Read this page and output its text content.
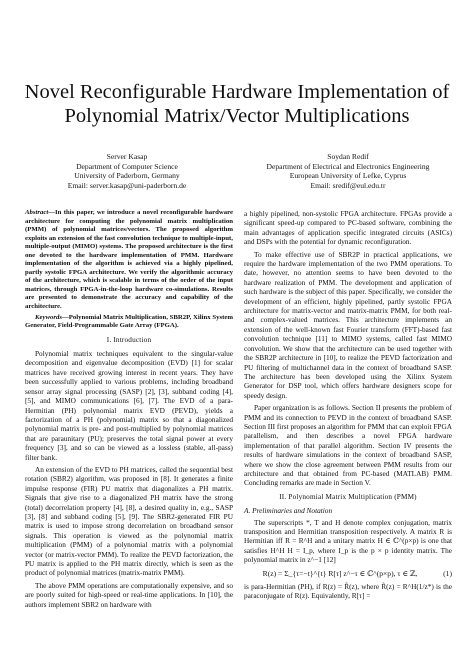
Novel Reconfigurable Hardware Implementation of Polynomial Matrix/Vector Multiplications
Server Kasap
Department of Computer Science
University of Paderborn, Germany
Email: server.kasap@uni-paderborn.de
Soydan Redif
Department of Electrical and Electronics Engineering
European University of Lefke, Cyprus
Email: sredif@eul.edu.tr

Abstract—In this paper, we introduce a novel reconfigurable hardware architecture for computing the polynomial matrix multiplication (PMM) of polynomial matrices/vectors. The proposed algorithm exploits an extension of the fast convolution technique to multiple-input, multiple-output (MIMO) systems. The proposed architecture is the first one devoted to the hardware implementation of PMM. Hardware implementation of the algorithm is achieved via a highly pipelined, partly systolic FPGA architecture. We verify the algorithmic accuracy of the architecture, which is scalable in terms of the order of the input matrices, through FPGA-in-the-loop hardware co-simulations. Results are presented to demonstrate the accuracy and capability of the architecture.

Keywords—Polynomial Matrix Multiplication, SBR2P, Xilinx System Generator, Field-Programmable Gate Array (FPGA).

I. Introduction

Polynomial matrix techniques equivalent to the singular-value decomposition and eigenvalue decomposition (EVD) [1] for scalar matrices have received growing interest in recent years. They have been successfully applied to various problems, including broadband sensor array signal processing (SASP) [2], [3], subband coding [4], [5], and MIMO communications [6], [7]. The EVD of a para-Hermitian (PH) polynomial matrix EVD (PEVD), yields a factorization of a PH (polynomial) matrix so that a diagonalized polynomial matrix is pre- and post-multiplied by polynomial matrices that are paraunitary (PU); preserves the total signal power at every frequency [3], and so can be viewed as a lossless (stable, all-pass) filter bank.

An extension of the EVD to PH matrices, called the sequential best rotation (SBR2) algorithm, was proposed in [8]. It generates a finite impulse response (FIR) PU matrix that diagonalizes a PH matrix. Signals that give rise to a diagonalized PH matrix have the strong (total) decorrelation property [4], [8], a desired quality in, e.g., SASP [3], [8] and subband coding [5], [9]. The SBR2-generated FIR PU matrix is used to impose strong decorrelation on broadband sensor signals. This operation is viewed as the polynomial matrix multiplication (PMM) of a polynomial matrix with a polynomial vector (or matrix-vector PMM). To realize the PEVD factorization, the PU matrix is applied to the PH matrix directly, which is seen as the product of polynomial matrices (matrix-matrix PMM).

The above PMM operations are computationally expensive, and so are poorly suited for high-speed or real-time applications. In [10], the authors implement SBR2 on hardware with

a highly pipelined, non-systolic FPGA architecture. FPGAs provide a significant speed-up compared to PC-based software, combining the main advantages of application specific integrated circuits (ASICs) and DSPs with the potential for dynamic reconfiguration.

To make effective use of SBR2P in practical applications, we require the hardware implementation of the two PMM operations. To date, however, no attention seems to have been devoted to the hardware realization of PMM. The development and application of such hardware is the subject of this paper. Specifically, we consider the development of an efficient, highly pipelined, partly systolic FPGA architecture for matrix-vector and matrix-matrix PMM, for both real- and complex-valued matrices. This architecture implements an extension of the well-known fast Fourier transform (FFT)-based fast convolution technique [11] to MIMO systems, called fast MIMO convolution. We show that the architecture can be used together with the SBR2P architecture in [10], to realize the PEVD factorization and PU filtering of multichannel data in the context of broadband SASP. The architecture has been developed using the Xilinx System Generator for DSP tool, which offers hardware designers scope for speedy design.

Paper organization is as follows. Section II presents the problem of PMM and its connection to PEVD in the context of broadband SASP. Section III first proposes an algorithm for PMM that can exploit FPGA parallelism, and then describes a novel FPGA hardware implementation of that parallel algorithm. Section IV presents the results of hardware simulations in the context of broadband SASP, where we show the close agreement between PMM results from our architecture and that obtained from PC-based (MATLAB) PMM. Concluding remarks are made in Section V.

II. Polynomial Matrix Multiplication (PMM)
A. Preliminaries and Notation

The superscripts *, T and H denote complex conjugation, matrix transposition and Hermitian transposition respectively. A matrix R is Hermitian iff R = R^H and a unitary matrix H ∈ ℂ^(p×p) is one that satisfies H^H H = I_p, where I_p is the p × p identity matrix. The polynomial matrix in z^−1 [12]

R(z) = Σ_{τ=−t}^{t} R[τ] z^−τ ∈ ℂ^(p×p), τ ∈ ℤ,	(1)

is para-Hermitian (PH), if R(z) = R̃(z), where R̃(z) = R^H(1/z*) is the paraconjugate of R(z). Equivalently, R[τ] =
